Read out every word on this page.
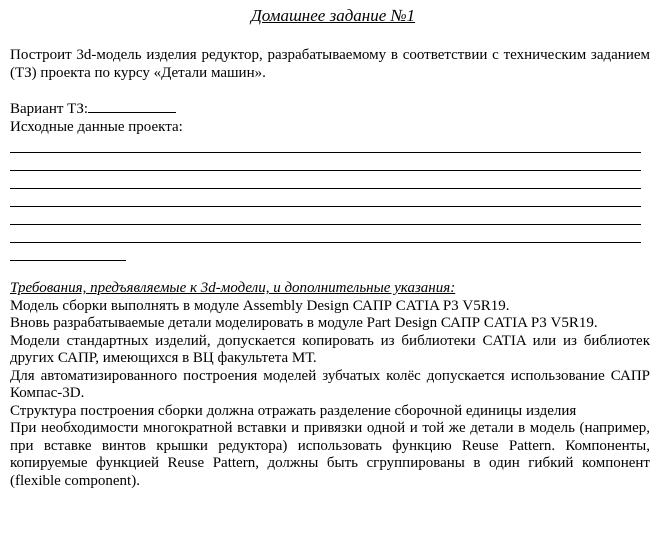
Домашнее задание №1

Построит 3d-модель изделия редуктор, разрабатываемому в соответствии с техническим заданием (ТЗ) проекта по курсу «Детали машин».

Вариант ТЗ:

Исходные данные проекта:

Требования, предъявляемые к 3d-модели, и дополнительные указания:

Модель сборки выполнять в модуле Assembly Design САПР CATIA Р3 V5R19.

Вновь разрабатываемые детали моделировать в модуле Part Design САПР CATIA Р3 V5R19.

Модели стандартных изделий, допускается копировать из библиотеки CATIA или из библиотек других САПР, имеющихся в ВЦ факультета МТ.

Для автоматизированного построения моделей зубчатых колёс допускается использование САПР Компас-3D.

Структура построения сборки должна отражать разделение сборочной единицы изделия

При необходимости многократной вставки и привязки одной и той же детали в модель (например, при вставке винтов крышки редуктора) использовать функцию Reuse Pattern. Компоненты, копируемые функцией Reuse Pattern, должны быть сгруппированы в один гибкий компонент (flexible component).
